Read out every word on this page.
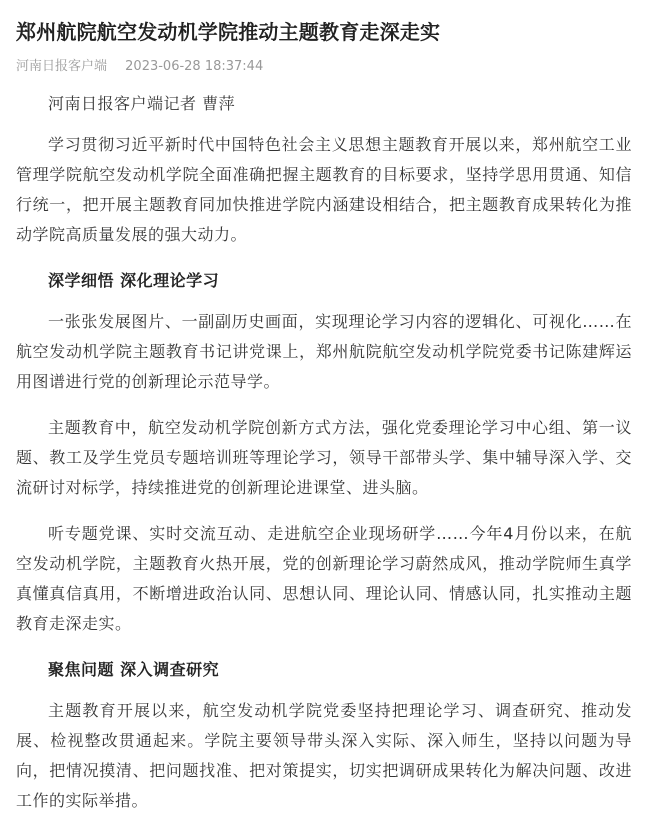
郑州航院航空发动机学院推动主题教育走深走实
河南日报客户端 2023-06-28 18:37:44

河南日报客户端记者 曹萍

学习贯彻习近平新时代中国特色社会主义思想主题教育开展以来，郑州航空工业管理学院航空发动机学院全面准确把握主题教育的目标要求，坚持学思用贯通、知信行统一，把开展主题教育同加快推进学院内涵建设相结合，把主题教育成果转化为推动学院高质量发展的强大动力。

深学细悟 深化理论学习

一张张发展图片、一副副历史画面，实现理论学习内容的逻辑化、可视化……在航空发动机学院主题教育书记讲党课上，郑州航院航空发动机学院党委书记陈建辉运用图谱进行党的创新理论示范导学。

主题教育中，航空发动机学院创新方式方法，强化党委理论学习中心组、第一议题、教工及学生党员专题培训班等理论学习，领导干部带头学、集中辅导深入学、交流研讨对标学，持续推进党的创新理论进课堂、进头脑。

听专题党课、实时交流互动、走进航空企业现场研学……今年4月份以来，在航空发动机学院，主题教育火热开展，党的创新理论学习蔚然成风，推动学院师生真学真懂真信真用，不断增进政治认同、思想认同、理论认同、情感认同，扎实推动主题教育走深走实。

聚焦问题 深入调查研究

主题教育开展以来，航空发动机学院党委坚持把理论学习、调查研究、推动发展、检视整改贯通起来。学院主要领导带头深入实际、深入师生，坚持以问题为导向，把情况摸清、把问题找准、把对策提实，切实把调研成果转化为解决问题、改进工作的实际举措。
